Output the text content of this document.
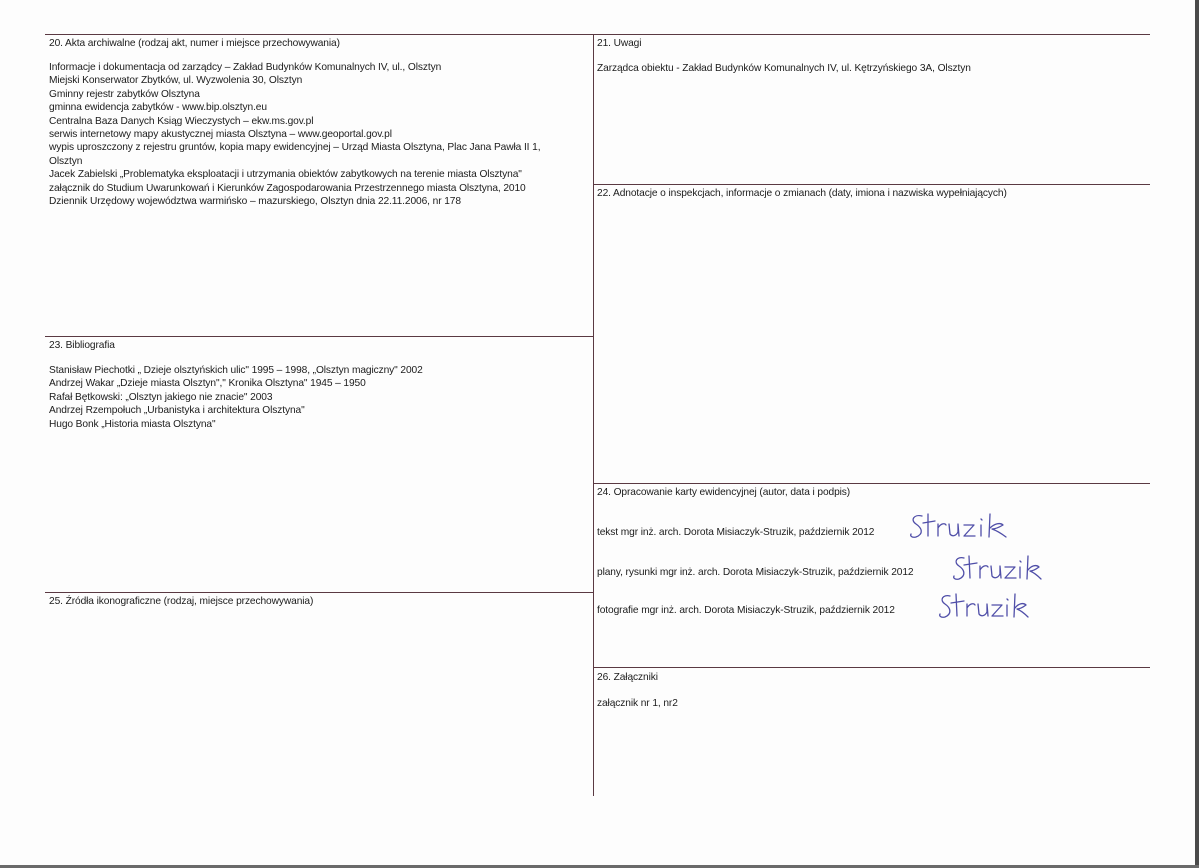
20. Akta archiwalne (rodzaj akt, numer i miejsce przechowywania)
Informacje i dokumentacja od zarządcy – Zakład Budynków Komunalnych IV, ul., Olsztyn
Miejski Konserwator Zbytków, ul. Wyzwolenia 30, Olsztyn
Gminny rejestr zabytków Olsztyna
gminna ewidencja zabytków - www.bip.olsztyn.eu
Centralna Baza Danych Ksiąg Wieczystych – ekw.ms.gov.pl
serwis internetowy mapy akustycznej miasta Olsztyna – www.geoportal.gov.pl
wypis uproszczony z rejestru gruntów, kopia mapy ewidencyjnej – Urząd Miasta Olsztyna, Plac Jana Pawła II 1,
Olsztyn
Jacek Zabielski „Problematyka eksploatacji i utrzymania obiektów zabytkowych na terenie miasta Olsztyna"
załącznik do Studium Uwarunkowań i Kierunków Zagospodarowania Przestrzennego miasta Olsztyna, 2010
Dziennik Urzędowy województwa warmińsko – mazurskiego, Olsztyn dnia 22.11.2006, nr 178
21. Uwagi
Zarządca obiektu - Zakład Budynków Komunalnych IV, ul. Kętrzyńskiego 3A, Olsztyn
22. Adnotacje o inspekcjach, informacje o zmianach (daty, imiona i nazwiska wypełniających)
23. Bibliografia
Stanisław Piechotki „ Dzieje olsztyńskich ulic" 1995 – 1998, „Olsztyn magiczny" 2002
Andrzej Wakar „Dzieje miasta Olsztyn"," Kronika Olsztyna" 1945 – 1950
Rafał Bętkowski: „Olsztyn jakiego nie znacie" 2003
Andrzej Rzempołuch „Urbanistyka i architektura Olsztyna"
Hugo Bonk „Historia miasta Olsztyna"
24. Opracowanie karty ewidencyjnej (autor, data i podpis)
tekst mgr inż. arch. Dorota Misiaczyk-Struzik, październik 2012
plany, rysunki mgr inż. arch. Dorota Misiaczyk-Struzik, październik 2012
fotografie mgr inż. arch. Dorota Misiaczyk-Struzik, październik 2012
25. Źródła ikonograficzne (rodzaj, miejsce przechowywania)
26. Załączniki
załącznik nr 1, nr2
